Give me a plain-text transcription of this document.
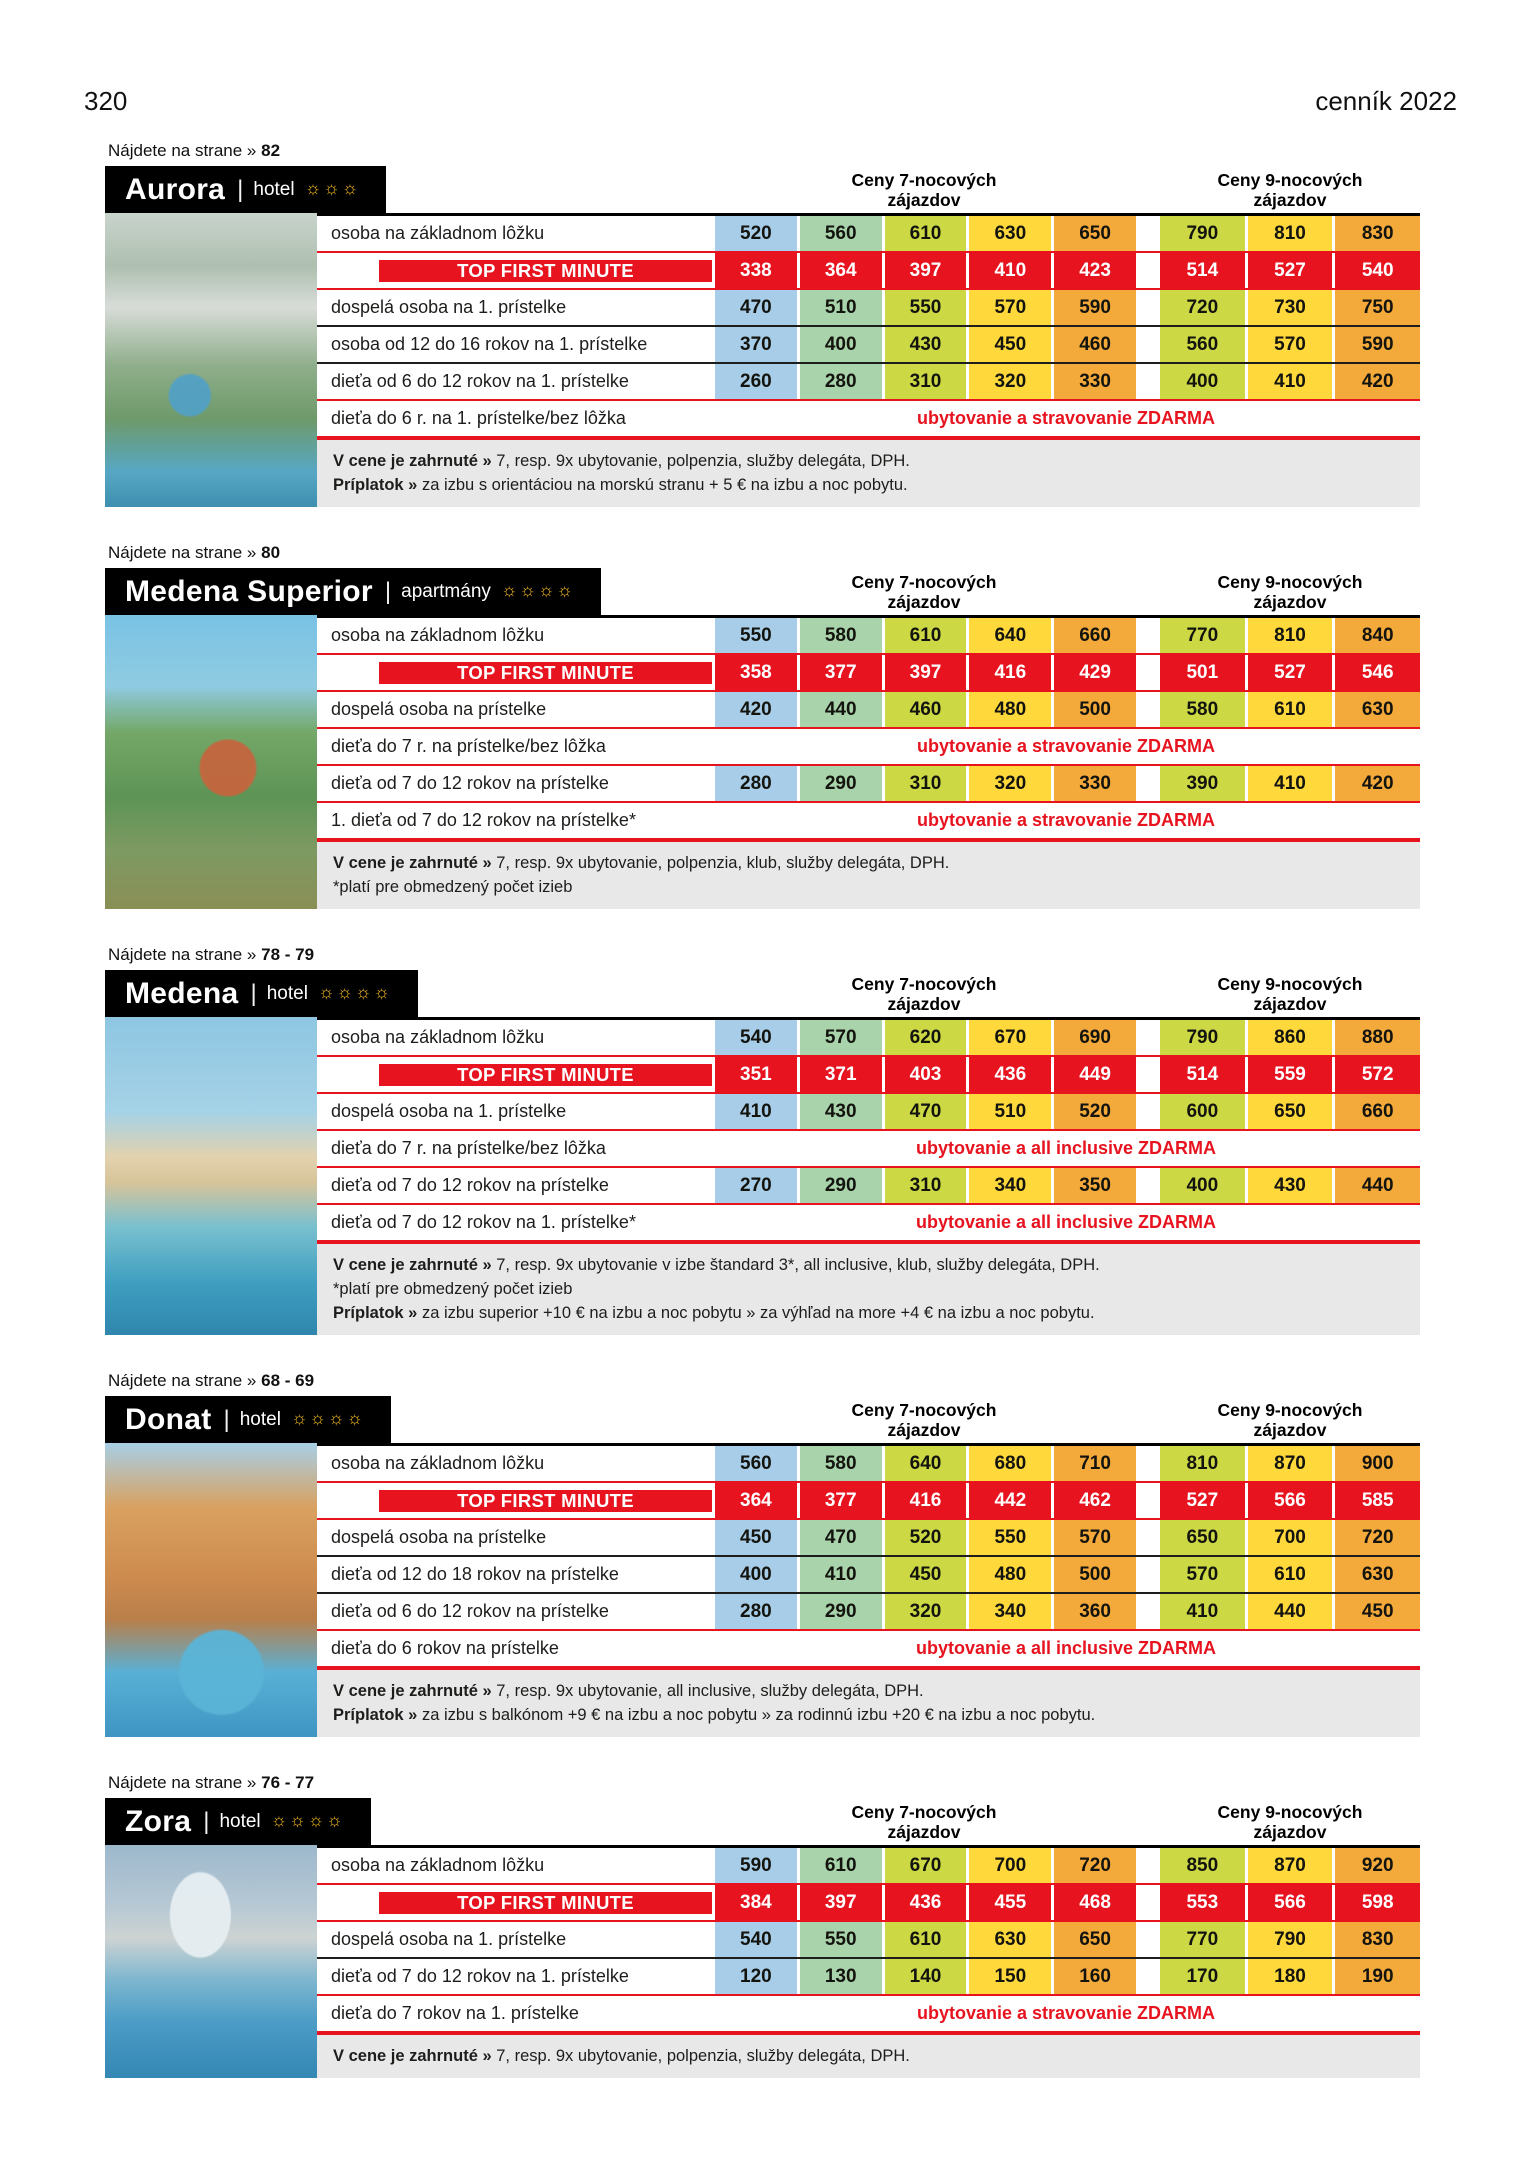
320	cenník 2022
Nájdete na strane » 82
Aurora | hotel ☼☼☼	Ceny 7-nocových
zájazdov
Ceny 9-nocových
zájazdov
osoba na základnom lôžku	520	560	610	630	650	790	810	830
TOP FIRST MINUTE	338	364	397	410	423	514	527	540
dospelá osoba na 1. prístelke	470	510	550	570	590	720	730	750
osoba od 12 do 16 rokov na 1. prístelke	370	400	430	450	460	560	570	590
dieťa od 6 do 12 rokov na 1. prístelke	260	280	310	320	330	400	410	420
dieťa do 6 r. na 1. prístelke/bez lôžka	ubytovanie a stravovanie ZDARMA
V cene je zahrnuté » 7, resp. 9x ubytovanie, polpenzia, služby delegáta, DPH.
Príplatok » za izbu s orientáciou na morskú stranu + 5 € na izbu a noc pobytu.
Nájdete na strane » 80
Medena Superior | apartmány ☼☼☼☼	Ceny 7-nocových
zájazdov
Ceny 9-nocových
zájazdov
osoba na základnom lôžku	550	580	610	640	660	770	810	840
TOP FIRST MINUTE	358	377	397	416	429	501	527	546
dospelá osoba na prístelke	420	440	460	480	500	580	610	630
dieťa do 7 r. na prístelke/bez lôžka	ubytovanie a stravovanie ZDARMA
dieťa od 7 do 12 rokov na prístelke	280	290	310	320	330	390	410	420
1. dieťa od 7 do 12 rokov na prístelke*	ubytovanie a stravovanie ZDARMA
V cene je zahrnuté » 7, resp. 9x ubytovanie, polpenzia, klub, služby delegáta, DPH.
*platí pre obmedzený počet izieb
Nájdete na strane » 78 - 79
Medena | hotel ☼☼☼☼	Ceny 7-nocových
zájazdov
Ceny 9-nocových
zájazdov
osoba na základnom lôžku	540	570	620	670	690	790	860	880
TOP FIRST MINUTE	351	371	403	436	449	514	559	572
dospelá osoba na 1. prístelke	410	430	470	510	520	600	650	660
dieťa do 7 r. na prístelke/bez lôžka	ubytovanie a all inclusive ZDARMA
dieťa od 7 do 12 rokov na prístelke	270	290	310	340	350	400	430	440
dieťa od 7 do 12 rokov na 1. prístelke*	ubytovanie a all inclusive ZDARMA
V cene je zahrnuté » 7, resp. 9x ubytovanie v izbe štandard 3*, all inclusive, klub, služby delegáta, DPH.
*platí pre obmedzený počet izieb
Príplatok » za izbu superior +10 € na izbu a noc pobytu » za výhľad na more +4 € na izbu a noc pobytu.
Nájdete na strane » 68 - 69
Donat | hotel ☼☼☼☼	Ceny 7-nocových
zájazdov
Ceny 9-nocových
zájazdov
osoba na základnom lôžku	560	580	640	680	710	810	870	900
TOP FIRST MINUTE	364	377	416	442	462	527	566	585
dospelá osoba na prístelke	450	470	520	550	570	650	700	720
dieťa od 12 do 18 rokov na prístelke	400	410	450	480	500	570	610	630
dieťa od 6 do 12 rokov na prístelke	280	290	320	340	360	410	440	450
dieťa do 6 rokov na prístelke	ubytovanie a all inclusive ZDARMA
V cene je zahrnuté » 7, resp. 9x ubytovanie, all inclusive, služby delegáta, DPH.
Príplatok » za izbu s balkónom +9 € na izbu a noc pobytu » za rodinnú izbu +20 € na izbu a noc pobytu.
Nájdete na strane » 76 - 77
Zora | hotel ☼☼☼☼	Ceny 7-nocových
zájazdov
Ceny 9-nocových
zájazdov
osoba na základnom lôžku	590	610	670	700	720	850	870	920
TOP FIRST MINUTE	384	397	436	455	468	553	566	598
dospelá osoba na 1. prístelke	540	550	610	630	650	770	790	830
dieťa od 7 do 12 rokov na 1. prístelke	120	130	140	150	160	170	180	190
dieťa do 7 rokov na 1. prístelke	ubytovanie a stravovanie ZDARMA
V cene je zahrnuté » 7, resp. 9x ubytovanie, polpenzia, služby delegáta, DPH.
